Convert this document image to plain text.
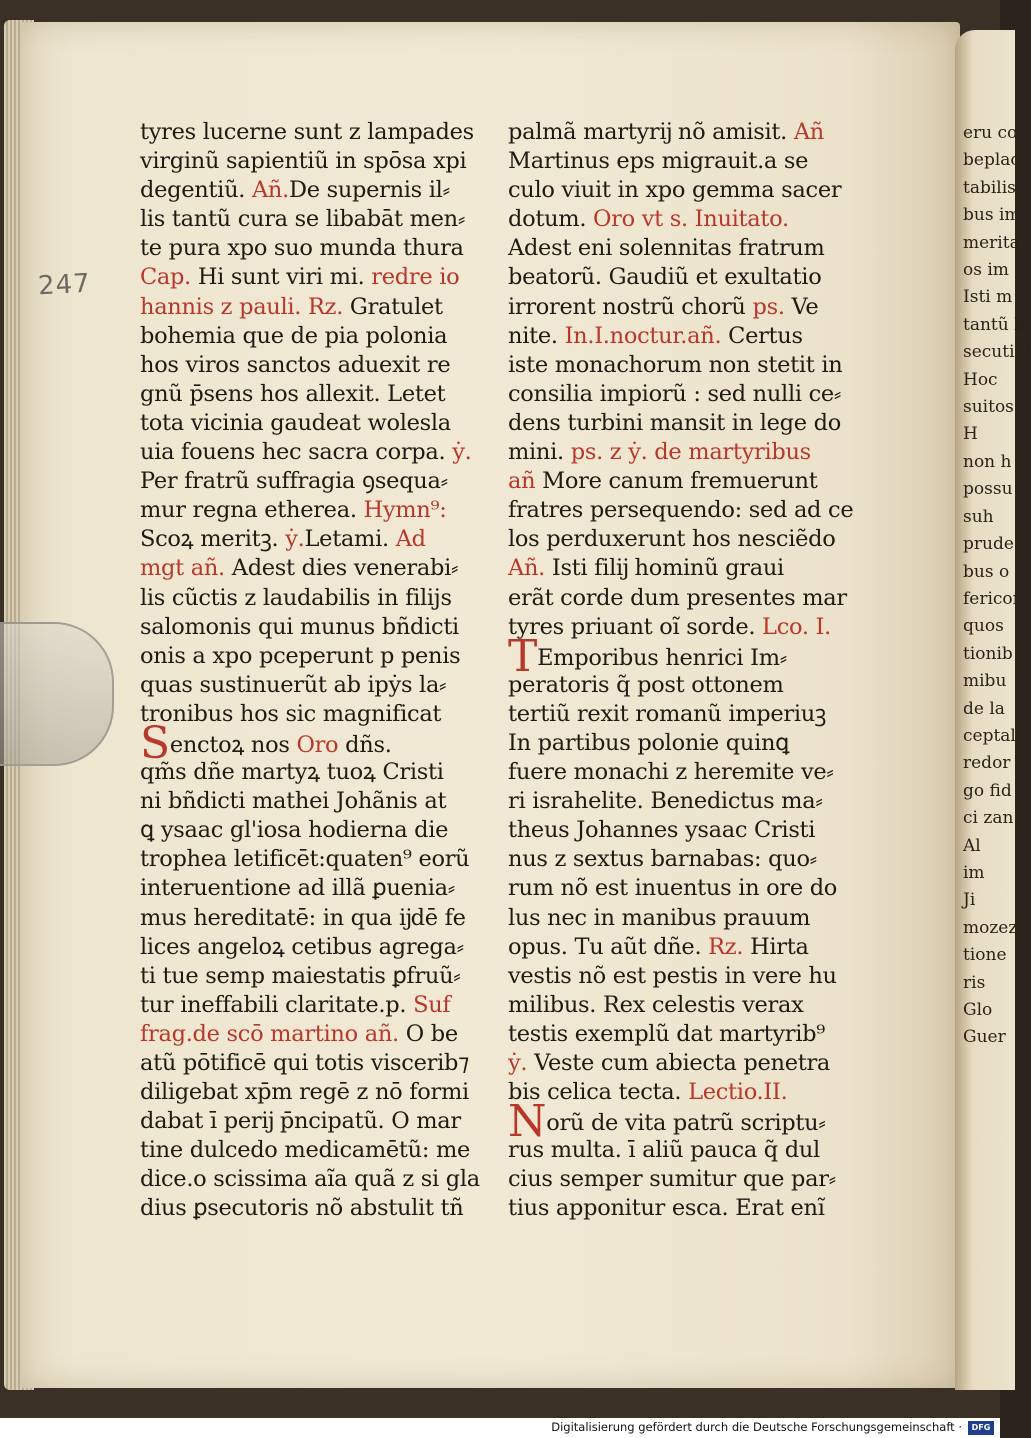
eru co
beplac
tabilis
bus im
merita
os im
Isti m
tantũ b
secuti d
Hoc
suitos
H
non h
possu
suh
prude
bus o
fericor
quos
tionib
mibu
de la
ceptal
redor
go fid
ci zan
Al
im
Ji
mozez
tione
ris
Glo
Guer
247
tyres lucerne sunt z lampades
virginũ sapientiũ in spōsa xpi
degentiũ. Añ.De supernis il⸗
lis tantũ cura se libabāt men⸗
te pura xpo suo munda thura
Cap. Hi sunt viri mi. redre io
hannis z pauli. Rz. Gratulet
bohemia que de pia polonia
hos viros sanctos aduexit re
gnũ p̄sens hos allexit. Letet
tota vicinia gaudeat wolesla
uia fouens hec sacra corpa. ẏ.
Per fratrũ suffragia ꝯsequa⸗
mur regna etherea. Hymn⁹:
Scoꝝ meritꝫ. ẏ.Letami. Ad
mgt añ. Adest dies venerabi⸗
lis cũctis z laudabilis in filijs
salomonis qui munus bñdicti
onis a xpo pceperunt p penis
quas sustinuerũt ab ipẏs la⸗
tronibus hos sic magnificat
Senctoꝝ nos Oro dñs.
qm̃s dñe martyꝝ tuoꝝ Cristi
ni bñdicti mathei Johãnis at
ꝗ ysaac gl'iosa hodierna die
trophea letificēt:quaten⁹ eorũ
interuentione ad illã ꝑuenia⸗
mus hereditatē: in qua ĳdē fe
lices angeloꝝ cetibus agrega⸗
ti tue semp maiestatis ꝑfruũ⸗
tur ineffabili claritate.p. Suf
frag.de scō martino añ. O be
atũ pōtificē qui totis viscerib⁊
diligebat xp̄m regē z nō formi
dabat ī perĳ p̄ncipatũ. O mar
tine dulcedo medicamētũ: me
dice.o scissima aĩa quã z si gla
dius ꝑsecutoris nõ abstulit tñ
palmã martyrĳ nõ amisit. Añ
Martinus eps migrauit.a se
culo viuit in xpo gemma sacer
dotum. Oro vt s. Inuitato.
Adest eni solennitas fratrum
beatorũ. Gaudiũ et exultatio
irrorent nostrũ chorũ ps. Ve
nite. In.I.noctur.añ. Certus
iste monachorum non stetit in
consilia impiorũ : sed nulli ce⸗
dens turbini mansit in lege do
mini. ps. z ẏ. de martyribus
añ More canum fremuerunt
fratres persequendo: sed ad ce
los perduxerunt hos nesciẽdo
Añ. Isti filĳ hominũ graui
erãt corde dum presentes mar
tyres priuant oĩ sorde. Lco. I.
TEmporibus henrici Im⸗
peratoris q̃ post ottonem
tertiũ rexit romanũ imperiuꝫ
In partibus polonie quinꝗ
fuere monachi z heremite ve⸗
ri israhelite. Benedictus ma⸗
theus Johannes ysaac Cristi
nus z sextus barnabas: quo⸗
rum nõ est inuentus in ore do
lus nec in manibus prauum
opus. Tu aũt dñe. Rz. Hirta
vestis nõ est pestis in vere hu
milibus. Rex celestis verax
testis exemplũ dat martyrib⁹
ẏ. Veste cum abiecta penetra
bis celica tecta. Lectio.II.
Norũ de vita patrũ scriptu⸗
rus multa. ī aliũ pauca q̃ dul
cius semper sumitur que par⸗
tius apponitur esca. Erat enĩ
Digitalisierung gefördert durch die Deutsche Forschungsgemeinschaft ·	DFG
